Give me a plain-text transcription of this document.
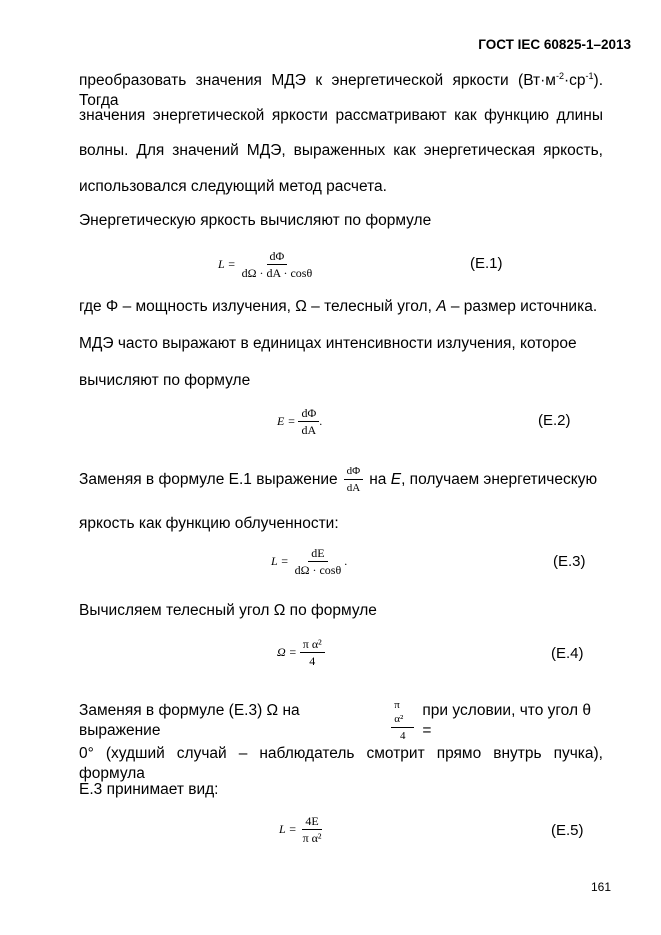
ГОСТ IEC 60825-1–2013
преобразовать значения МДЭ к энергетической яркости $(Вт\cdot м^{-2}\cdot ср^{-1})$. Тогда
значения энергетической яркости рассматривают как функцию длины
волны. Для значений МДЭ, выраженных как энергетическая яркость,
использовался следующий метод расчета.
Энергетическую яркость вычисляют по формуле
$L = \frac{d\Phi}{d\Omega \cdot dA \cdot \cos\theta}$	(Е.1)
где Φ – мощность излучения, Ω – телесный угол, A – размер источника.
МДЭ часто выражают в единицах интенсивности излучения, которое
вычисляют по формуле
$E = \frac{d\Phi}{dA}$ .	(Е.2)
Заменяя в формуле Е.1 выражение $\frac{d\Phi}{dA}$ на E , получаем энергетическую
яркость как функцию облученности:
$L = \frac{dE}{d\Omega \cdot \cos\theta}$ .	(Е.3)
Вычисляем телесный угол Ω по формуле
$\Omega = \frac{\text{π α²}}{4}$	(Е.4)
Заменяя в формуле (Е.3) Ω на выражение	$\frac{\text{π α²}}{4}$ при условии, что угол θ =
0° (худший случай – наблюдатель смотрит прямо внутрь пучка), формула
Е.3 принимает вид:
$L = \frac{4E}{\text{π α²}}$	(Е.5)
161
